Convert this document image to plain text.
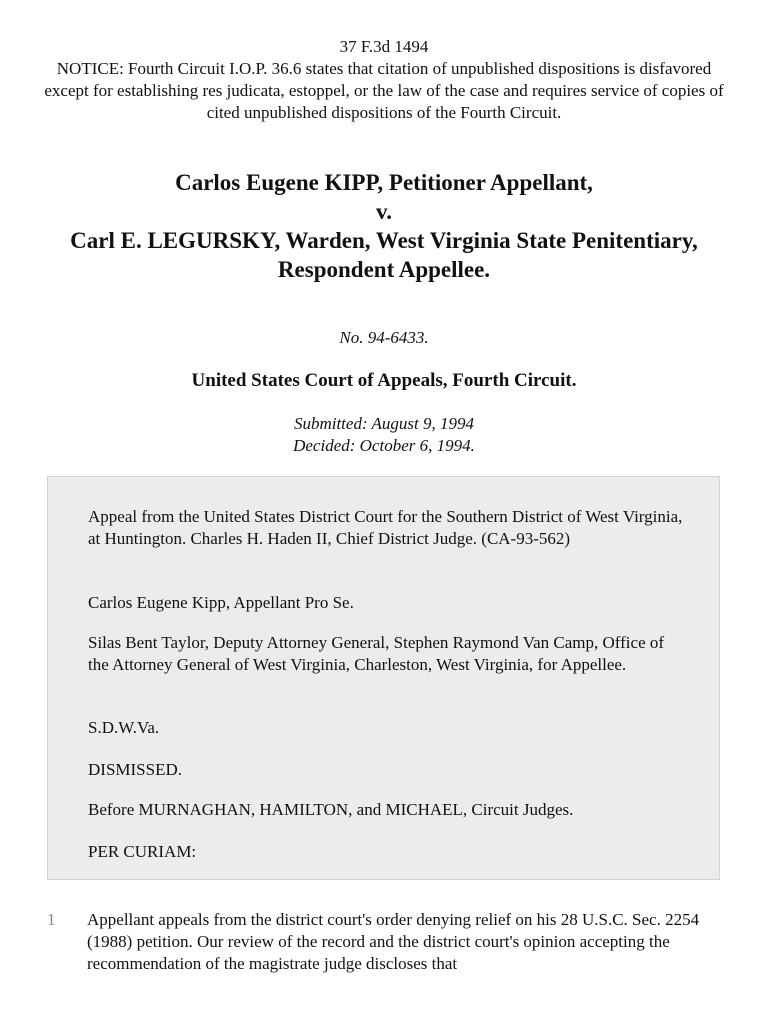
37 F.3d 1494
NOTICE: Fourth Circuit I.O.P. 36.6 states that citation of unpublished dispositions is disfavored except for establishing res judicata, estoppel, or the law of the case and requires service of copies of cited unpublished dispositions of the Fourth Circuit.
Carlos Eugene KIPP, Petitioner Appellant,
v.
Carl E. LEGURSKY, Warden, West Virginia State Penitentiary,
Respondent Appellee.
No. 94-6433.
United States Court of Appeals, Fourth Circuit.
Submitted: August 9, 1994
Decided: October 6, 1994.

Appeal from the United States District Court for the Southern District of West Virginia, at Huntington. Charles H. Haden II, Chief District Judge. (CA-93-562)

Carlos Eugene Kipp, Appellant Pro Se.

Silas Bent Taylor, Deputy Attorney General, Stephen Raymond Van Camp, Office of the Attorney General of West Virginia, Charleston, West Virginia, for Appellee.

S.D.W.Va.

DISMISSED.

Before MURNAGHAN, HAMILTON, and MICHAEL, Circuit Judges.

PER CURIAM:

1	Appellant appeals from the district court's order denying relief on his 28 U.S.C. Sec. 2254 (1988) petition. Our review of the record and the district court's opinion accepting the recommendation of the magistrate judge discloses that
